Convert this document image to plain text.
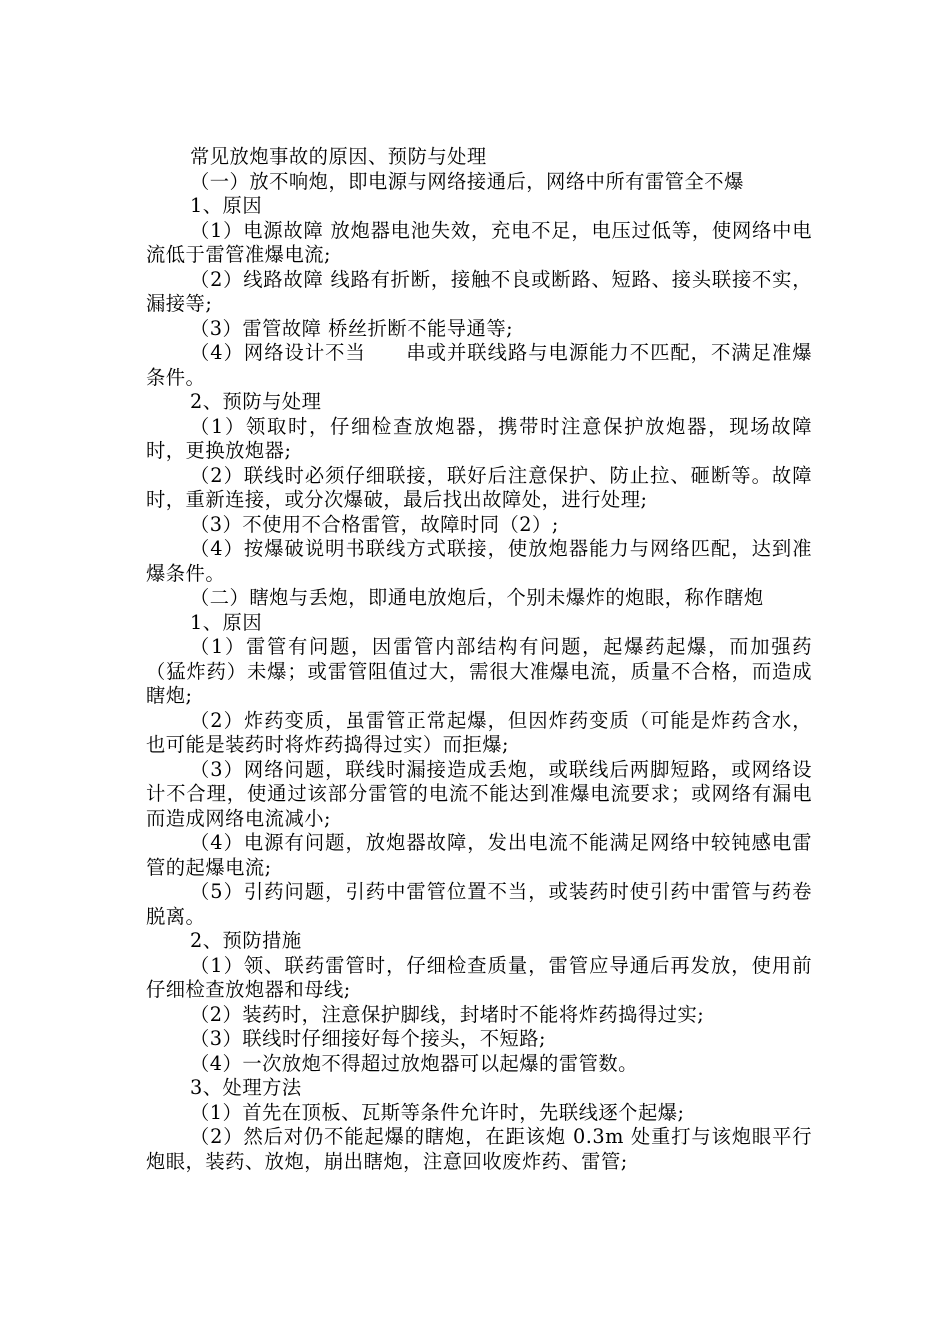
常见放炮事故的原因、预防与处理

（一）放不响炮，即电源与网络接通后，网络中所有雷管全不爆

1、原因

（1）电源故障 放炮器电池失效，充电不足，电压过低等，使网络中电流低于雷管准爆电流;

（2）线路故障 线路有折断，接触不良或断路、短路、接头联接不实，漏接等;

（3）雷管故障 桥丝折断不能导通等;

（4）网络设计不当　　串或并联线路与电源能力不匹配，不满足准爆条件。

2、预防与处理

（1）领取时，仔细检查放炮器，携带时注意保护放炮器，现场故障时，更换放炮器;

（2）联线时必须仔细联接，联好后注意保护、防止拉、砸断等。故障时，重新连接，或分次爆破，最后找出故障处，进行处理;

（3）不使用不合格雷管，故障时同（2）;

（4）按爆破说明书联线方式联接，使放炮器能力与网络匹配，达到准爆条件。

（二）瞎炮与丢炮，即通电放炮后，个别未爆炸的炮眼，称作瞎炮

1、原因

（1）雷管有问题，因雷管内部结构有问题，起爆药起爆，而加强药（猛炸药）未爆；或雷管阻值过大，需很大准爆电流，质量不合格，而造成瞎炮;

（2）炸药变质，虽雷管正常起爆，但因炸药变质（可能是炸药含水，也可能是装药时将炸药捣得过实）而拒爆;

（3）网络问题，联线时漏接造成丢炮，或联线后两脚短路，或网络设计不合理，使通过该部分雷管的电流不能达到准爆电流要求；或网络有漏电而造成网络电流减小;

（4）电源有问题，放炮器故障，发出电流不能满足网络中较钝感电雷管的起爆电流;

（5）引药问题，引药中雷管位置不当，或装药时使引药中雷管与药卷脱离。

2、预防措施

（1）领、联药雷管时，仔细检查质量，雷管应导通后再发放，使用前仔细检查放炮器和母线;

（2）装药时，注意保护脚线，封堵时不能将炸药捣得过实;

（3）联线时仔细接好每个接头，不短路;

（4）一次放炮不得超过放炮器可以起爆的雷管数。

3、处理方法

（1）首先在顶板、瓦斯等条件允许时，先联线逐个起爆;

（2）然后对仍不能起爆的瞎炮，在距该炮 0.3m 处重打与该炮眼平行炮眼，装药、放炮，崩出瞎炮，注意回收废炸药、雷管;
